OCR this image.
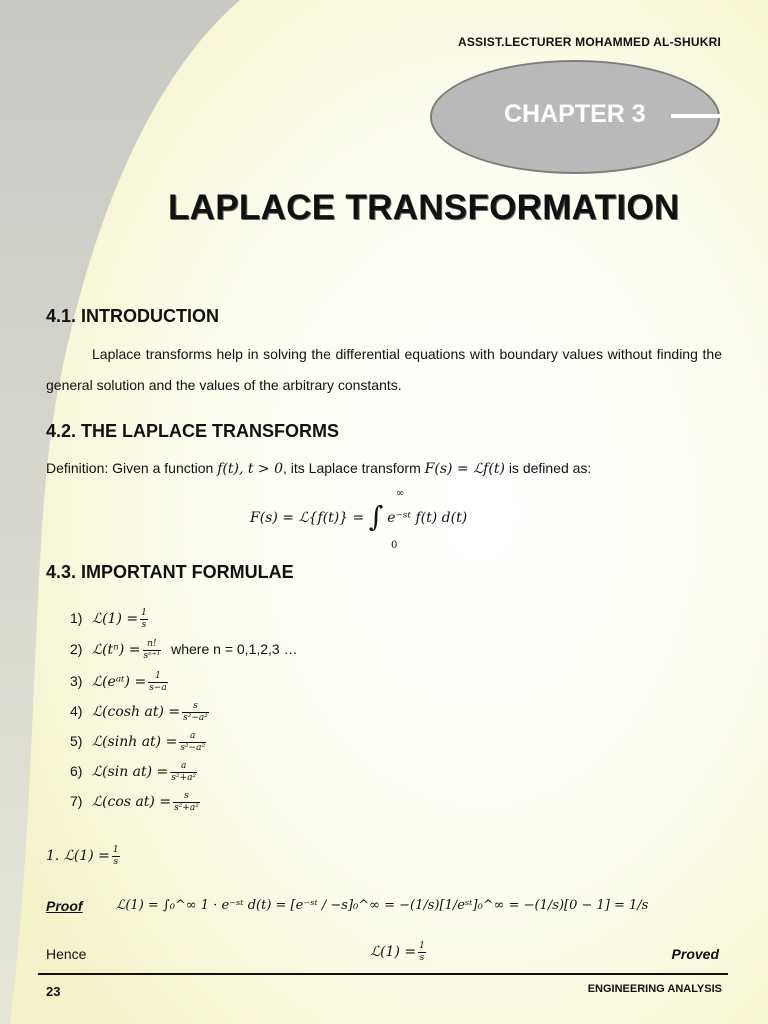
ASSIST.LECTURER MOHAMMED AL-SHUKRI
CHAPTER 3
LAPLACE TRANSFORMATION
4.1. INTRODUCTION
Laplace transforms help in solving the differential equations with boundary values without finding the general solution and the values of the arbitrary constants.
4.2. THE LAPLACE TRANSFORMS
Definition: Given a function f(t), t > 0, its Laplace transform F(s) = ℒf(t) is defined as:
F(s) = ℒ{f(t)} = ∫ e⁻ˢᵗ f(t) d(t)
∞
0
4.3. IMPORTANT FORMULAE
1) ℒ(1) = $\frac{1}{s}$
2) ℒ(tⁿ) = $\frac{n!}{\text{sⁿ⁺¹}}$ where n = 0,1,2,3 …
3) ℒ(eᵃᵗ) = $\frac{1}{s-a}$
4) ℒ(cosh $at) = \frac{s}{\text{s²−a²}}$
5) ℒ(sinh $at) = \frac{a}{\text{s²−a²}}$
6) ℒ(sin $at) = \frac{a}{\text{s²+a²}}$
7) ℒ(cos $at) = \frac{s}{\text{s²+a²}}$
1. ℒ(1) = $\frac{1}{s}$
Proof	ℒ(1) = ∫₀^∞ 1 · e⁻ˢᵗ d(t) = [e⁻ˢᵗ / −s]₀^∞ = −(1/s)[1/eˢᵗ]₀^∞ = −(1/s)[0 − 1] = 1/s
Hence	ℒ(1) = $\frac{1}{s}$	Proved
23	ENGINEERING ANALYSIS
